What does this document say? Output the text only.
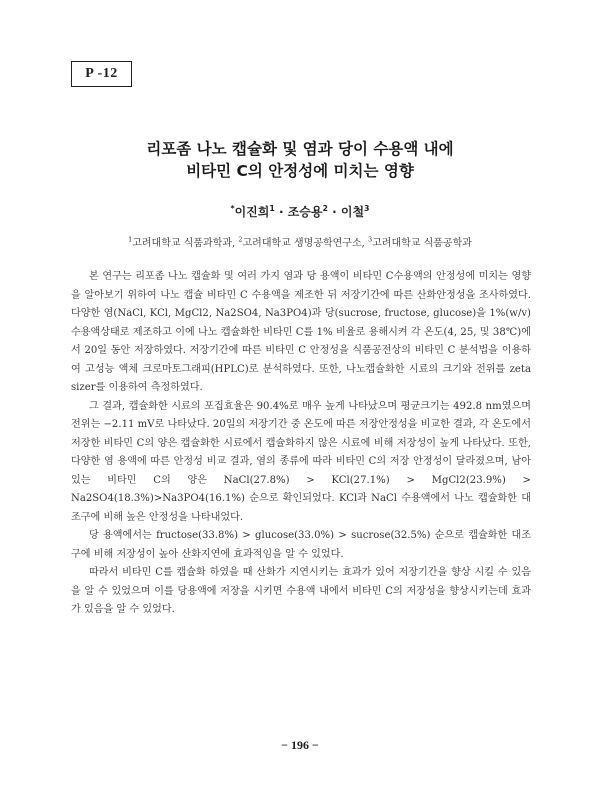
P -12
리포좀 나노 캡슐화 및 염과 당이 수용액 내에
비타민 C의 안정성에 미치는 영향
*이진희$^1$ · 조승용$^2$ · 이철$^3$
$^1$고려대학교 식품과학과, $^2$고려대학교 생명공학연구소, $^3$고려대학교 식품공학과

본 연구는 리포좀 나노 캡슐화 및 여러 가지 염과 당 용액이 비타민 C수용액의 안정성에 미치는 영향을 알아보기 위하여 나노 캡슐 비타민 C 수용액을 제조한 뒤 저장기간에 따른 산화안정성을 조사하였다. 다양한 염(NaCl, KCl, MgCl2, Na2SO4, Na3PO4)과 당(sucrose, fructose, glucose)을 1%(w/v) 수용액상태로 제조하고 이에 나노 캡슐화한 비타민 C를 1% 비율로 용해시켜 각 온도(4, 25, 및 38℃)에서 20일 동안 저장하였다. 저장기간에 따른 비타민 C 안정성을 식품공전상의 비타민 C 분석법을 이용하여 고성능 액체 크로마토그래피(HPLC)로 분석하였다. 또한, 나노캡슐화한 시료의 크기와 전위를 zeta sizer를 이용하여 측정하였다.

그 결과, 캡슐화한 시료의 포집효율은 90.4%로 매우 높게 나타났으며 평균크기는 492.8 nm였으며 전위는 −2.11 mV로 나타났다. 20일의 저장기간 중 온도에 따른 저장안정성을 비교한 결과, 각 온도에서 저장한 비타민 C의 양은 캡슐화한 시료에서 캡슐화하지 않은 시료에 비해 저장성이 높게 나타났다. 또한, 다양한 염 용액에 따른 안정성 비교 결과, 염의 종류에 따라 비타민 C의 저장 안정성이 달라졌으며, 남아 있는 비타민 C의 양은 NaCl(27.8%) > KCl(27.1%) > MgCl2(23.9%) > Na2SO4(18.3%)>Na3PO4(16.1%) 순으로 확인되었다. KCl과 NaCl 수용액에서 나노 캡슐화한 대조구에 비해 높은 안정성을 나타내었다.

당 용액에서는 fructose(33.8%) > glucose(33.0%) > sucrose(32.5%) 순으로 캡슐화한 대조구에 비해 저장성이 높아 산화지연에 효과적임을 알 수 있었다.

따라서 비타민 C를 캡슐화 하였을 때 산화가 지연시키는 효과가 있어 저장기간을 향상 시킬 수 있음을 알 수 있었으며 이를 당용액에 저장을 시키면 수용액 내에서 비타민 C의 저장성을 향상시키는데 효과가 있음을 알 수 있었다.

− 196 −
